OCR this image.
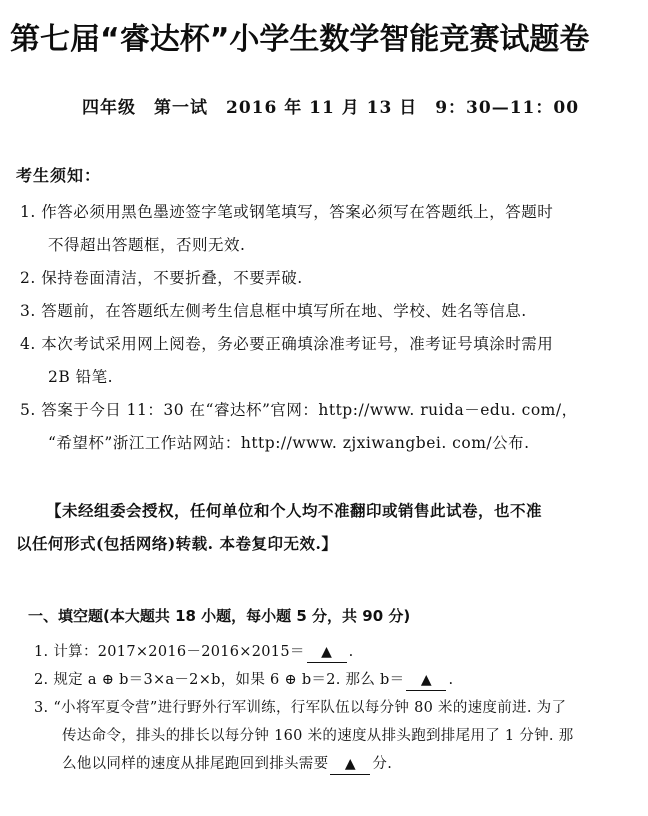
第七届“睿达杯”小学生数学智能竞赛试题卷
四年级　第一试　2016 年 11 月 13 日　9：30—11：00
考生须知：
1. 作答必须用黑色墨迹签字笔或钢笔填写，答案必须写在答题纸上，答题时
不得超出答题框，否则无效.
2. 保持卷面清洁，不要折叠，不要弄破.
3. 答题前，在答题纸左侧考生信息框中填写所在地、学校、姓名等信息.
4. 本次考试采用网上阅卷，务必要正确填涂准考证号，准考证号填涂时需用
2B 铅笔.
5. 答案于今日 11：30 在“睿达杯”官网：http://www. ruida－edu. com/，
“希望杯”浙江工作站网站：http://www. zjxiwangbei. com/公布.
【未经组委会授权，任何单位和个人均不准翻印或销售此试卷，也不准
以任何形式(包括网络)转载. 本卷复印无效.】
一、填空题(本大题共 18 小题，每小题 5 分，共 90 分)
1. 计算：2017×2016－2016×2015＝ ▲ .
2. 规定 a ⊕ b＝3×a－2×b，如果 6 ⊕ b＝2. 那么 b＝ ▲ .
3. “小将军夏令营”进行野外行军训练，行军队伍以每分钟 80 米的速度前进. 为了
传达命令，排头的排长以每分钟 160 米的速度从排头跑到排尾用了 1 分钟. 那
么他以同样的速度从排尾跑回到排头需要 ▲ 分.
